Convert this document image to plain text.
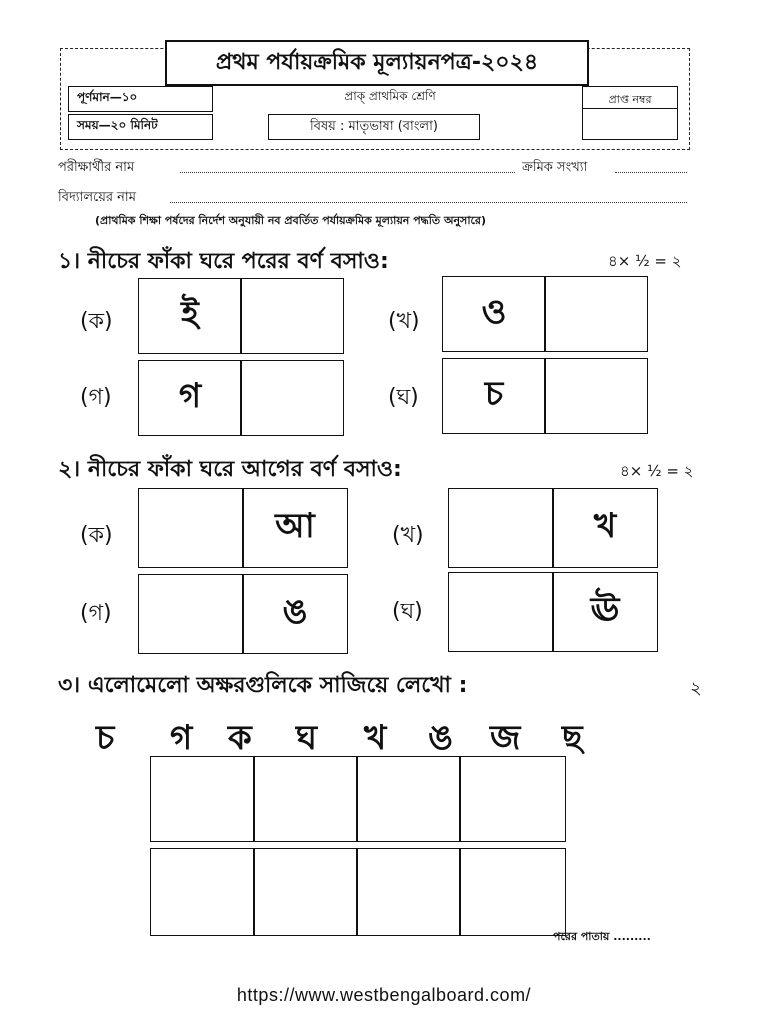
প্রথম পর্যায়ক্রমিক মূল্যায়নপত্র-২০২৪
পূর্ণমান—১০
সময়—২০ মিনিট
প্রাক্ প্রাথমিক শ্রেণি
বিষয় : মাতৃভাষা (বাংলা)
প্রাপ্ত নম্বর
পরীক্ষার্থীর নাম	ক্রমিক সংখ্যা
বিদ্যালয়ের নাম
(প্রাথমিক শিক্ষা পর্ষদের নির্দেশ অনুযায়ী নব প্রবর্তিত পর্যায়ক্রমিক মূল্যায়ন পদ্ধতি অনুসারে)
১। নীচের ফাঁকা ঘরে পরের বর্ণ বসাও:	৪× ½ = ২
(ক)	ই	(খ)	ও
(গ)	গ	(ঘ)	চ
২। নীচের ফাঁকা ঘরে আগের বর্ণ বসাও:	৪× ½ = ২
(ক)	আ	(খ)	খ
(গ)	ঙ	(ঘ)	ঊ
৩। এলোমেলো অক্ষরগুলিকে সাজিয়ে লেখো :	২
চ গ ক ঘ খ ঙ জ ছ
পরের পাতায় .........
https://www.westbengalboard.com/
